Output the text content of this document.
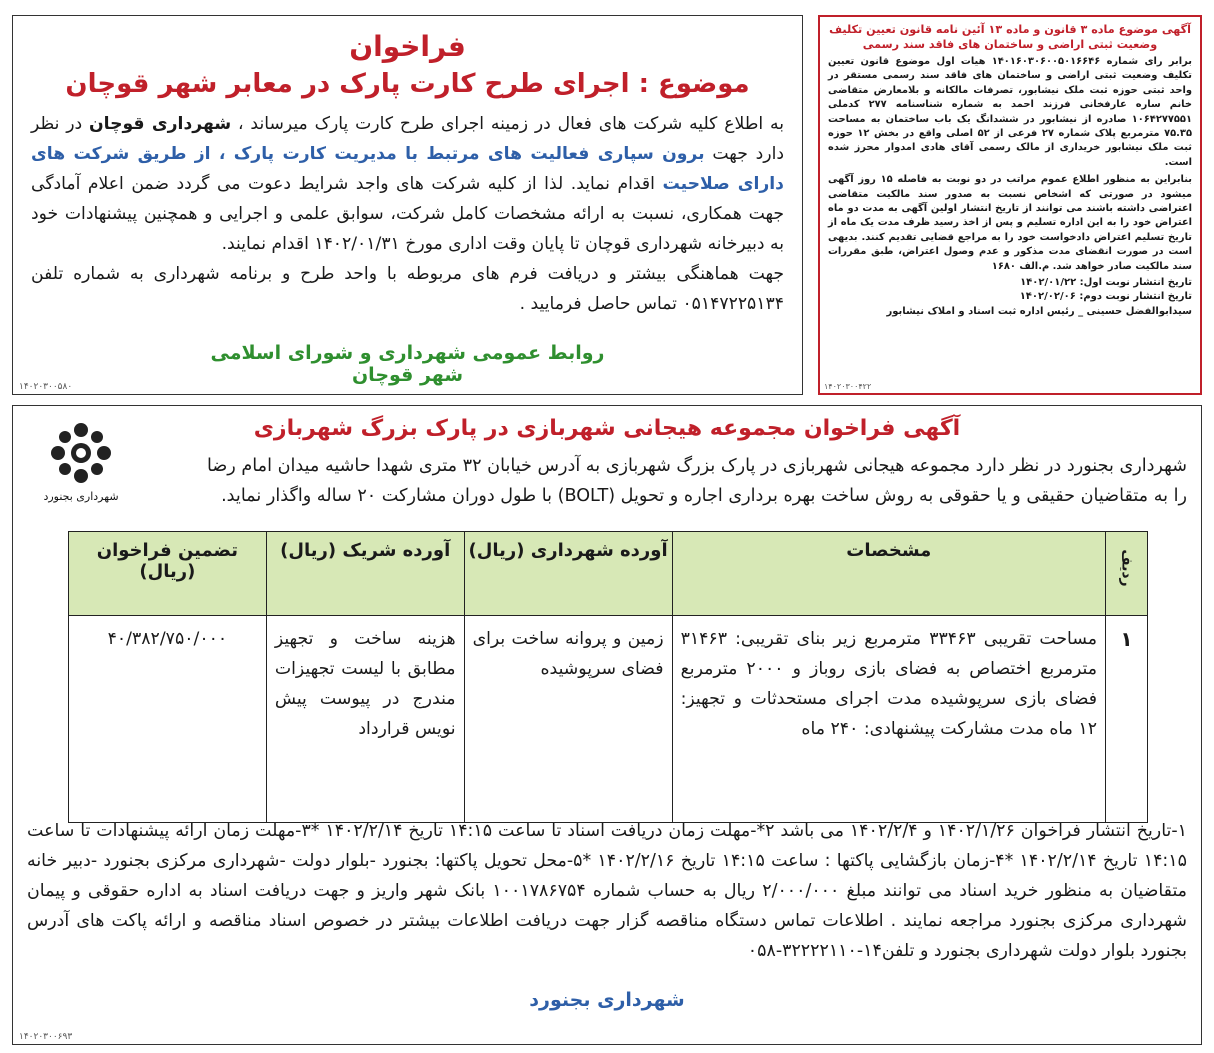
فراخوان
موضوع : اجرای طرح کارت پارک در معابر شهر قوچان
به اطلاع کلیه شرکت های فعال در زمینه اجرای طرح کارت پارک میرساند ، شهرداری قوچان در نظر دارد جهت برون سپاری فعالیت های مرتبط با مدیریت کارت پارک ، از طریق شرکت های دارای صلاحیت اقدام نماید. لذا از کلیه شرکت های واجد شرایط دعوت می گردد ضمن اعلام آمادگی جهت همکاری، نسبت به ارائه مشخصات کامل شرکت، سوابق علمی و اجرایی و همچنین پیشنهادات خود به دبیرخانه شهرداری قوچان تا پایان وقت اداری مورخ ۱۴۰۲/۰۱/۳۱ اقدام نمایند.
جهت هماهنگی بیشتر و دریافت فرم های مربوطه با واحد طرح و برنامه شهرداری به شماره تلفن ۰۵۱۴۷۲۲۵۱۳۴ تماس حاصل فرمایید .
روابط عمومی شهرداری و شورای اسلامی شهر قوچان
۱۴۰۲۰۳۰۰۵۸۰
آگهی موضوع ماده ۳ قانون و ماده ۱۳ آئین نامه قانون تعیین تکلیف وضعیت ثبتی اراضی و ساختمان های فاقد سند رسمی

برابر رای شماره ۱۴۰۱۶۰۳۰۶۰۰۵۰۱۶۶۴۶ هیات اول موضوع قانون تعیین تکلیف وضعیت ثبتی اراضی و ساختمان های فاقد سند رسمی مستقر در واحد ثبتی حوزه ثبت ملک نیشابور، تصرفات مالکانه و بلامعارض متقاضی خانم ساره عارفخانی فرزند احمد به شماره شناسنامه ۲۷۷ کدملی ۱۰۶۴۲۷۷۵۵۱ صادره از نیشابور در ششدانگ یک باب ساختمان به مساحت ۷۵.۳۵ مترمربع پلاک شماره ۲۷ فرعی از ۵۲ اصلی واقع در بخش ۱۲ حوزه ثبت ملک نیشابور خریداری از مالک رسمی آقای هادی امدوار محرز شده است.

بنابراین به منظور اطلاع عموم مراتب در دو نوبت به فاصله ۱۵ روز آگهی میشود در صورتی که اشخاص نسبت به صدور سند مالکیت متقاضی اعتراضی داشته باشند می توانند از تاریخ انتشار اولین آگهی به مدت دو ماه اعتراض خود را به این اداره تسلیم و پس از اخذ رسید ظرف مدت یک ماه از تاریخ تسلیم اعتراض دادخواست خود را به مراجع قضایی تقدیم کنند. بدیهی است در صورت انقضای مدت مذکور و عدم وصول اعتراض، طبق مقررات سند مالکیت صادر خواهد شد. م.الف ۱۶۸۰

تاریخ انتشار نوبت اول: ۱۴۰۲/۰۱/۲۲
تاریخ انتشار نوبت دوم: ۱۴۰۲/۰۲/۰۶
سیدابوالفضل حسینی _ رئیس اداره ثبت اسناد و املاک نیشابور
۱۴۰۲۰۳۰۰۴۲۲
آگهی فراخوان مجموعه هیجانی شهربازی در پارک بزرگ شهربازی
شهرداری بجنورد
شهرداری بجنورد در نظر دارد مجموعه هیجانی شهربازی در پارک بزرگ شهربازی به آدرس خیابان ۳۲ متری شهدا حاشیه میدان امام رضا را به متقاضیان حقیقی و یا حقوقی به روش ساخت بهره برداری اجاره و تحویل (BOLT) با طول دوران مشارکت ۲۰ ساله واگذار نماید.
ردیف	مشخصات	آورده شهرداری (ریال)	آورده شریک (ریال)	تضمین فراخوان (ریال)
۱	مساحت تقریبی ۳۳۴۶۳ مترمربع زیر بنای تقریبی: ۳۱۴۶۳ مترمربع اختصاص به فضای بازی روباز و ۲۰۰۰ مترمربع فضای بازی سرپوشیده مدت اجرای مستحدثات و تجهیز: ۱۲ ماه مدت مشارکت پیشنهادی: ۲۴۰ ماه	زمین و پروانه ساخت برای فضای سرپوشیده	هزینه ساخت و تجهیز مطابق با لیست تجهیزات مندرج در پیوست پیش نویس قرارداد	۴۰/۳۸۲/۷۵۰/۰۰۰
۱-تاریخ انتشار فراخوان ۱۴۰۲/۱/۲۶ و ۱۴۰۲/۲/۴ می باشد ۲*-مهلت زمان دریافت اسناد تا ساعت ۱۴:۱۵ تاریخ ۱۴۰۲/۲/۱۴ *۳-مهلت زمان ارائه پیشنهادات تا ساعت ۱۴:۱۵ تاریخ ۱۴۰۲/۲/۱۴ *۴-زمان بازگشایی پاکتها : ساعت ۱۴:۱۵ تاریخ ۱۴۰۲/۲/۱۶ *۵-محل تحویل پاکتها: بجنورد -بلوار دولت -شهرداری مرکزی بجنورد -دبیر خانه متقاضیان به منظور خرید اسناد می توانند مبلغ ۲/۰۰۰/۰۰۰ ریال به حساب شماره ۱۰۰۱۷۸۶۷۵۴ بانک شهر واریز و جهت دریافت اسناد به اداره حقوقی و پیمان شهرداری مرکزی بجنورد مراجعه نمایند . اطلاعات تماس دستگاه مناقصه گزار جهت دریافت اطلاعات بیشتر در خصوص اسناد مناقصه و ارائه پاکت های آدرس بجنورد بلوار دولت شهرداری بجنورد و تلفن۱۴-۳۲۲۲۲۱۱۰-۰۵۸
شهرداری بجنورد
۱۴۰۲۰۳۰۰۶۹۳
